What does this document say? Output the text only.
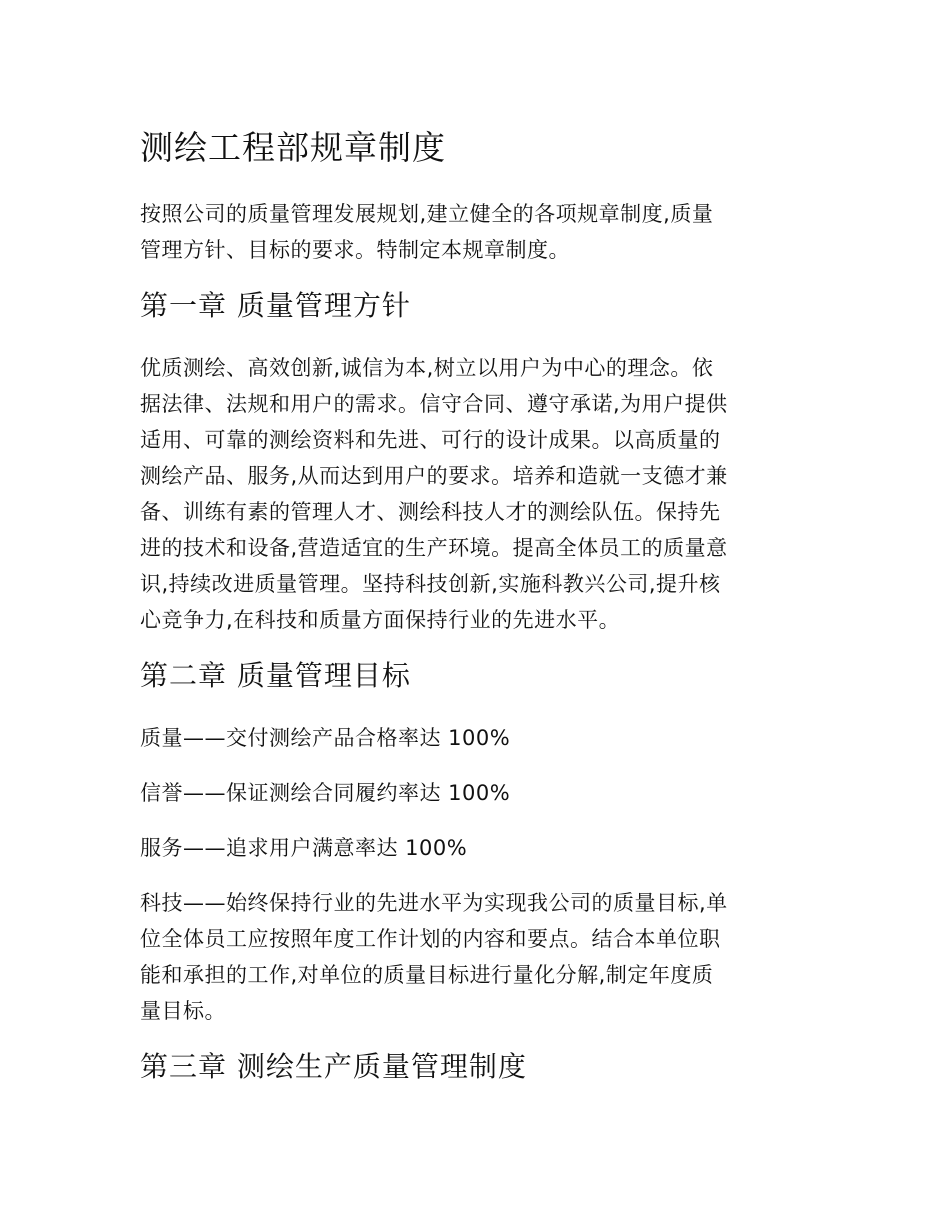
测绘工程部规章制度

按照公司的质量管理发展规划,建立健全的各项规章制度,质量
管理方针、目标的要求。特制定本规章制度。

第一章 质量管理方针

优质测绘、高效创新,诚信为本,树立以用户为中心的理念。依
据法律、法规和用户的需求。信守合同、遵守承诺,为用户提供
适用、可靠的测绘资料和先进、可行的设计成果。以高质量的
测绘产品、服务,从而达到用户的要求。培养和造就一支德才兼
备、训练有素的管理人才、测绘科技人才的测绘队伍。保持先
进的技术和设备,营造适宜的生产环境。提高全体员工的质量意
识,持续改进质量管理。坚持科技创新,实施科教兴公司,提升核
心竞争力,在科技和质量方面保持行业的先进水平。

第二章 质量管理目标

质量——交付测绘产品合格率达 100%

信誉——保证测绘合同履约率达 100%

服务——追求用户满意率达 100%

科技——始终保持行业的先进水平为实现我公司的质量目标,单
位全体员工应按照年度工作计划的内容和要点。结合本单位职
能和承担的工作,对单位的质量目标进行量化分解,制定年度质
量目标。

第三章 测绘生产质量管理制度
